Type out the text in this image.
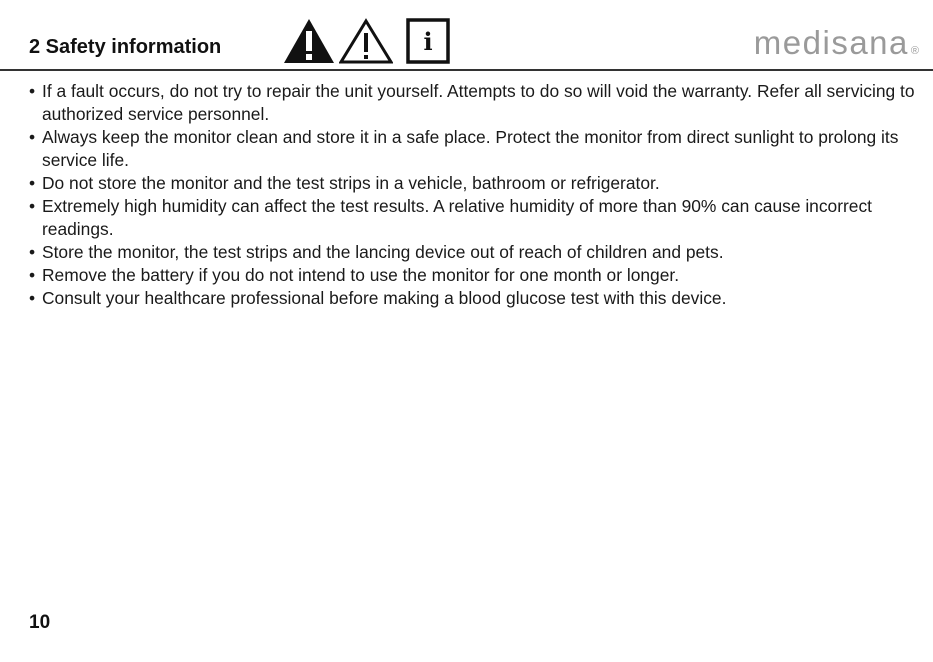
2 Safety information	i	medisana ®
• If a fault occurs, do not try to repair the unit yourself. Attempts to do so will void the warranty. Refer all servicing to authorized service personnel.
• Always keep the monitor clean and store it in a safe place. Protect the monitor from direct sunlight to prolong its service life.
• Do not store the monitor and the test strips in a vehicle, bathroom or refrigerator.
• Extremely high humidity can affect the test results. A relative humidity of more than 90% can cause incorrect readings.
• Store the monitor, the test strips and the lancing device out of reach of children and pets.
• Remove the battery if you do not intend to use the monitor for one month or longer.
• Consult your healthcare professional before making a blood glucose test with this device.
10
